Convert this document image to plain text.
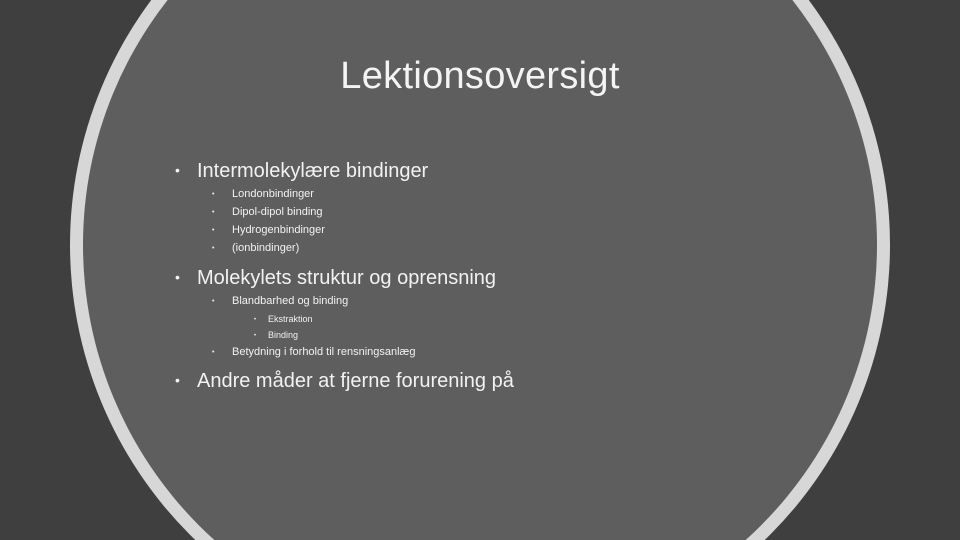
Lektionsoversigt
• Intermolekylære bindinger
• Londonbindinger
• Dipol-dipol binding
• Hydrogenbindinger
• (ionbindinger)
• Molekylets struktur og oprensning
• Blandbarhed og binding
• Ekstraktion
• Binding
• Betydning i forhold til rensningsanlæg
• Andre måder at fjerne forurening på
